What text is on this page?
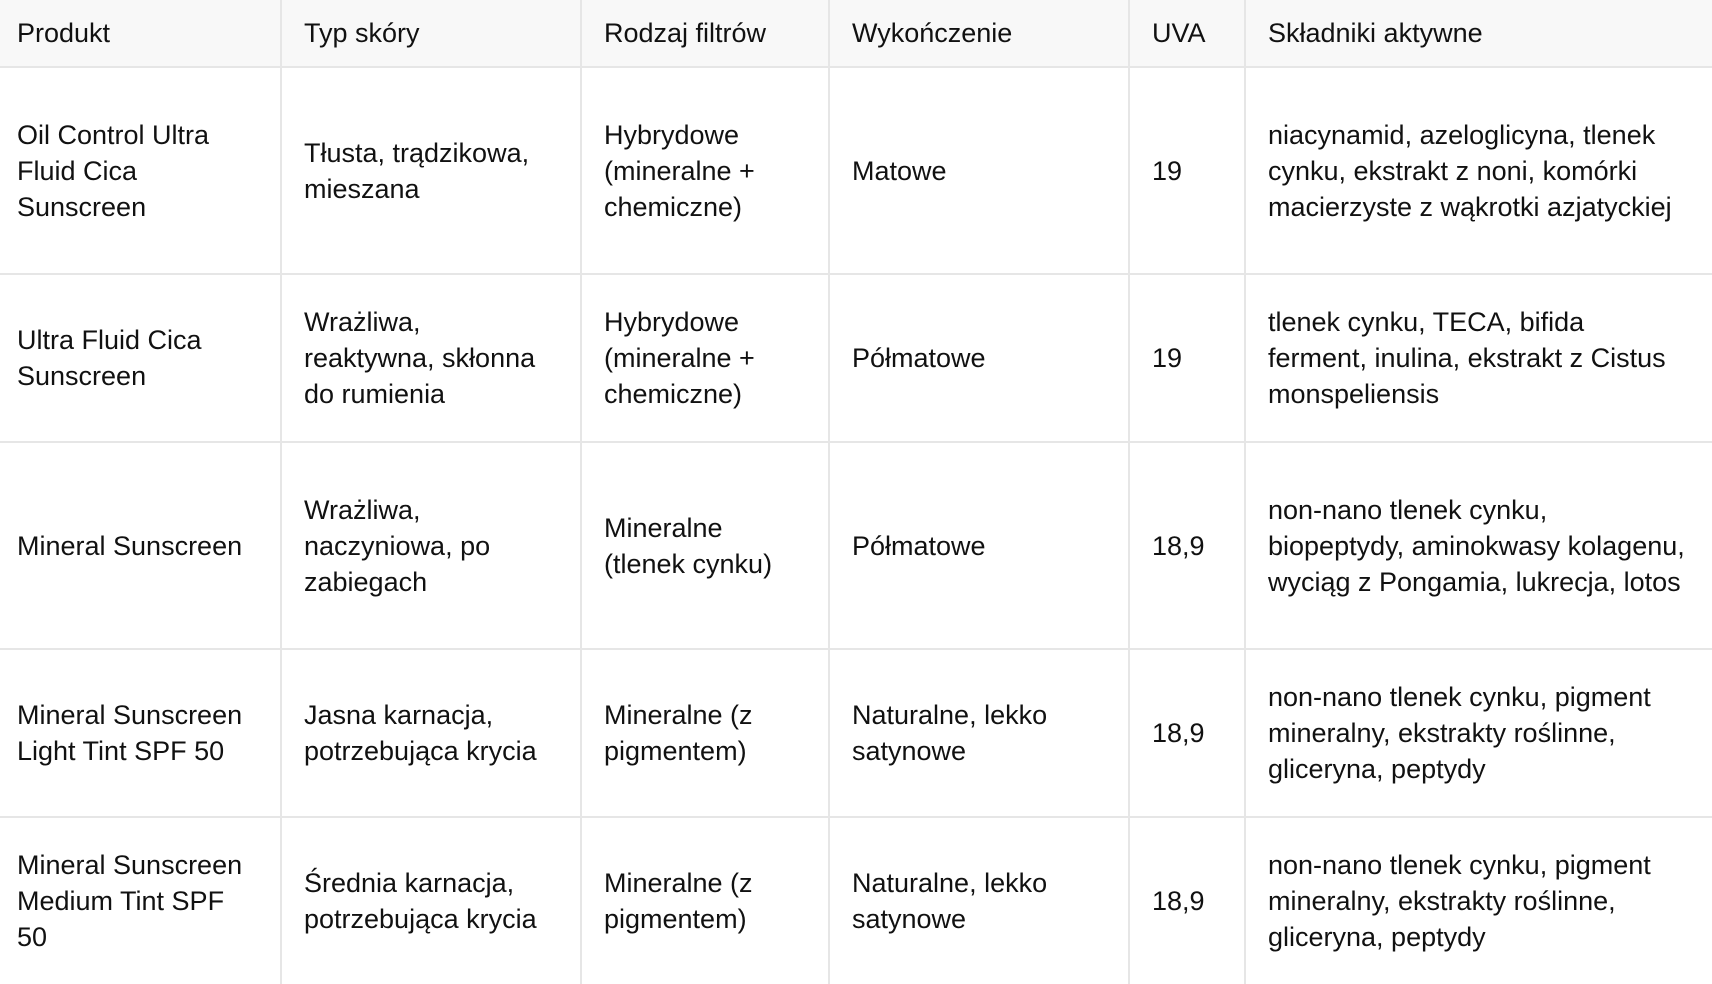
Produkt	Typ skóry	Rodzaj filtrów	Wykończenie	UVA	Składniki aktywne
Oil Control Ultra Fluid Cica Sunscreen	Tłusta, trądzikowa, mieszana	Hybrydowe (mineralne + chemiczne)	Matowe	19	niacynamid, azeloglicyna, tlenek cynku, ekstrakt z noni, komórki macierzyste z wąkrotki azjatyckiej
Ultra Fluid Cica Sunscreen	Wrażliwa, reaktywna, skłonna do rumienia	Hybrydowe (mineralne + chemiczne)	Półmatowe	19	tlenek cynku, TECA, bifida ferment, inulina, ekstrakt z Cistus monspeliensis
Mineral Sunscreen	Wrażliwa, naczyniowa, po zabiegach	Mineralne (tlenek cynku)	Półmatowe	18,9	non-nano tlenek cynku, biopeptydy, aminokwasy kolagenu, wyciąg z Pongamia, lukrecja, lotos
Mineral Sunscreen Light Tint SPF 50	Jasna karnacja, potrzebująca krycia	Mineralne (z pigmentem)	Naturalne, lekko satynowe	18,9	non-nano tlenek cynku, pigment mineralny, ekstrakty roślinne, gliceryna, peptydy
Mineral Sunscreen Medium Tint SPF 50	Średnia karnacja, potrzebująca krycia	Mineralne (z pigmentem)	Naturalne, lekko satynowe	18,9	non-nano tlenek cynku, pigment mineralny, ekstrakty roślinne, gliceryna, peptydy
